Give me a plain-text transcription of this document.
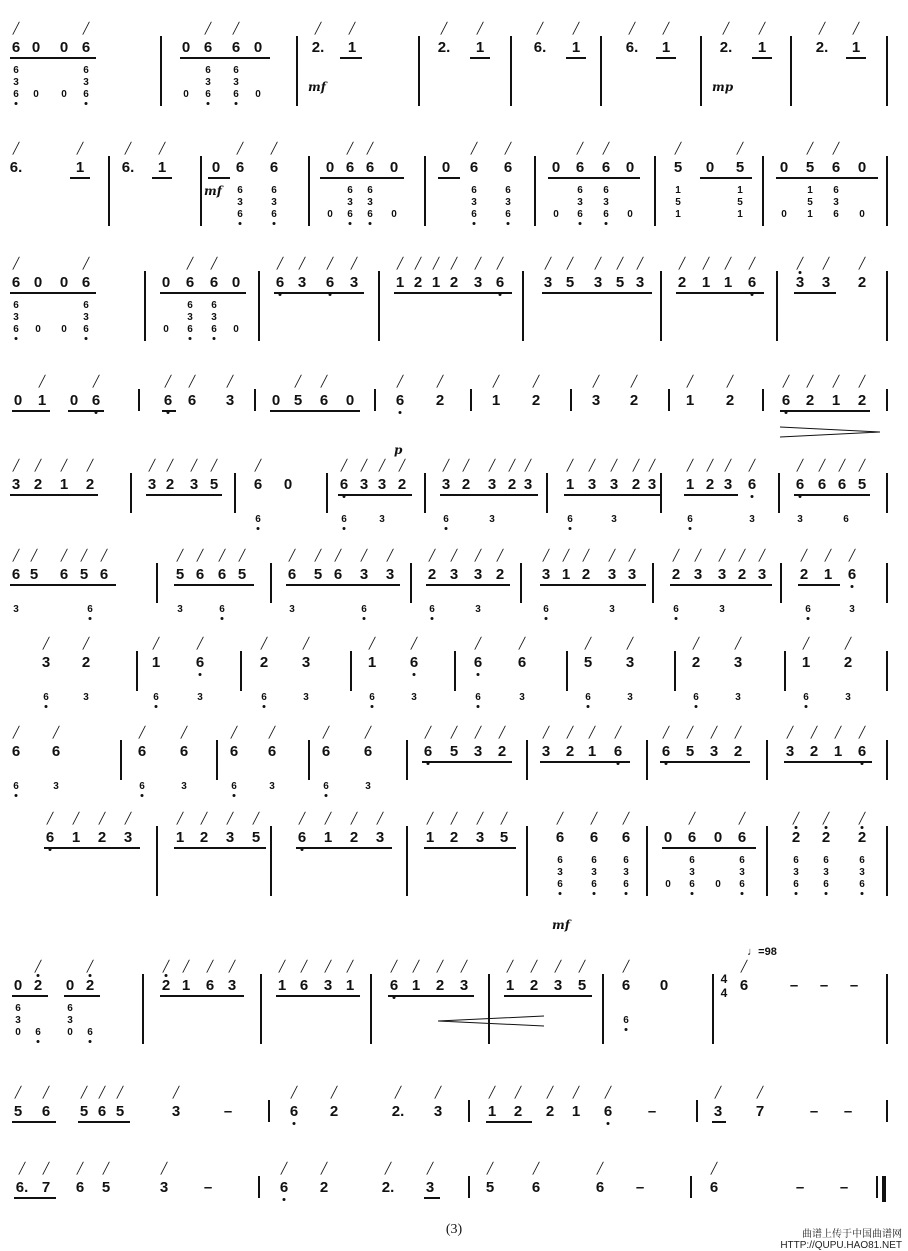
6
╱
0 0 6
╱
0 6
╱
6
╱
0	2.
╱
1
╱
2.
╱
1
╱
6.
╱
1
╱
6.
╱
1
╱
2.
╱
1
╱
2.
╱
1
╱
6
3
6 0 0
6
3
6	0
6
3
6
6
3
6 0
mf	mp
6.
╱
1
╱
6.
╱
1
╱
0 6
╱
6
╱
0 6
╱
6
╱
0	0 6
╱
6
╱
0 6
╱
6
╱
0	5
╱
0 5
╱
0 5
╱
6
╱
0
6
3
6
6
3
6	0
6
3
6
6
3
6 0
6
3
6
6
3
6	0
6
3
6
6
3
6 0
1
5
1
1
5
1	0
1
5
1
6
3
6 0
mf
6
╱
0 0 6
╱
0 6
╱
6
╱
0 6
╱
3
╱
6
╱
3
╱
1
╱
2
╱
1
╱
2
╱
3
╱
6
╱
3
╱
5
╱
3
╱
5
╱
3
╱
2
╱
1
╱
1
╱
6
╱
3
╱
3
╱
2
╱
6
3
6 0 0
6
3
6	0
6
3
6
6
3
6 0
0 1
╱
0 6
╱
6
╱
6
╱
3
╱
0 5
╱
6
╱
0	6
╱
2
╱
1
╱
2
╱
3
╱
2
╱
1
╱
2
╱
6
╱
2
╱
1
╱
2
╱
p
3
╱
2
╱
1
╱
2
╱
3
╱
2
╱
3
╱
5
╱
6
╱
0	6
╱
3
╱
3
╱
2
╱
3
╱
2
╱
3
╱
2
╱
3
╱
1
╱
3
╱
3
╱
2
╱
3
╱
1
╱
2
╱
3
╱
6
╱
6
╱
6
╱
6
╱
5
╱
6	6	3	6	3	6	3	6	3	3	6
6
╱
5
╱
6
╱
5
╱
6
╱
5
╱
6
╱
6
╱
5
╱
6
╱
5
╱
6
╱
3
╱
3
╱
2
╱
3
╱
3
╱
2
╱
3
╱
1
╱
2
╱
3
╱
3
╱
2
╱
3
╱
3
╱
2
╱
3
╱
2
╱
1
╱
6
╱
3	6	3	6	3	6	6	3	6	3	6	3	6	3
3
╱
2
╱
1
╱
6
╱
2
╱
3
╱
1
╱
6
╱
6
╱
6
╱
5
╱
3
╱
2
╱
3
╱
1
╱
2
╱
6	3	6	3	6	3	6	3	6	3	6	3	6	3	6	3
6
╱
6
╱
6
╱
6
╱
6
╱
6
╱
6
╱
6
╱
6
╱
5
╱
3
╱
2
╱
3
╱
2
╱
1
╱
6
╱
6
╱
5
╱
3
╱
2
╱
3
╱
2
╱
1
╱
6
╱
6	3	6	3	6	3	6	3
6
╱
1
╱
2
╱
3
╱
1
╱
2
╱
3
╱
5
╱
6
╱
1
╱
2
╱
3
╱
1
╱
2
╱
3
╱
5
╱
6
╱
6
╱
6
╱
0 6
╱
0 6
╱
2
╱
2
╱
2
╱
6
3
6
6
3
6
6
3
6	0
6
3
6 0
6
3
6
6
3
6
6
3
6
6
3
6
mf
0 2
╱
0 2
╱
2
╱
1
╱
6
╱
3
╱
1
╱
6
╱
3
╱
1
╱
6
╱
1
╱
2
╱
3
╱
1
╱
2
╱
3
╱
5
╱
6
╱
0	6
╱
– – –
6
3
0 6
6
3
0 6
6
5
╱
6
╱
5
╱
6
╱
5
╱
3
╱
–	6
╱
2
╱
2.
╱
3
╱
1
╱
2
╱
2
╱
1
╱
6
╱
–	3
╱
7
╱
– –
6.
╱
7
╱
6
╱
5
╱
3
╱
–	6
╱
2
╱
2.
╱
3
╱
5
╱
6
╱
6
╱
–	6
╱
– –
♩=98
4
4
(3)	曲谱上传于中国曲谱网
HTTP://QUPU.HAO81.NET
